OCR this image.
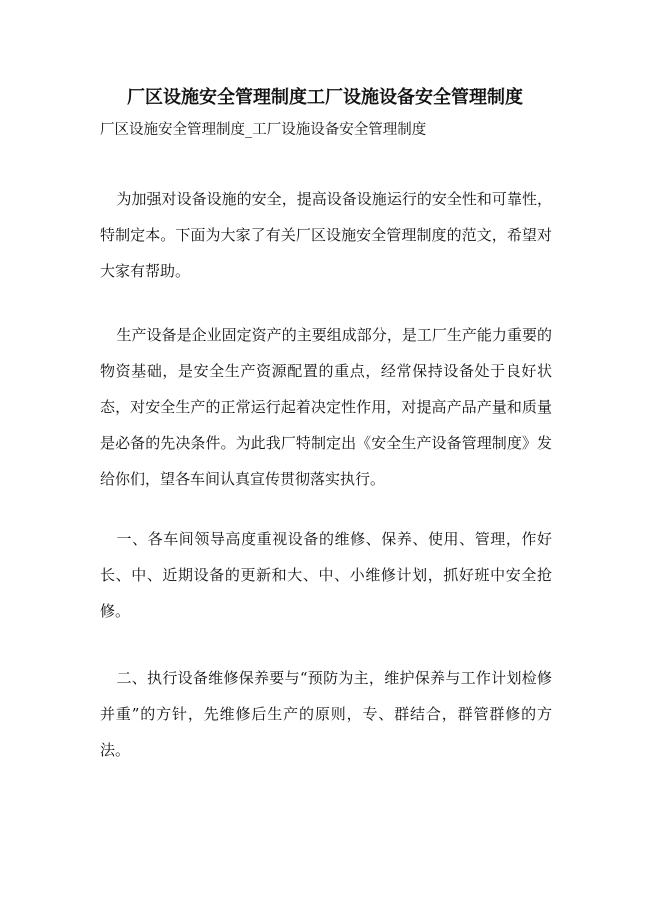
厂区设施安全管理制度工厂设施设备安全管理制度
厂区设施安全管理制度_工厂设施设备安全管理制度

为加强对设备设施的安全，提高设备设施运行的安全性和可靠性，特制定本。下面为大家了有关厂区设施安全管理制度的范文，希望对大家有帮助。

生产设备是企业固定资产的主要组成部分，是工厂生产能力重要的物资基础，是安全生产资源配置的重点，经常保持设备处于良好状态，对安全生产的正常运行起着决定性作用，对提高产品产量和质量是必备的先决条件。为此我厂特制定出《安全生产设备管理制度》发给你们，望各车间认真宣传贯彻落实执行。

一、各车间领导高度重视设备的维修、保养、使用、管理，作好长、中、近期设备的更新和大、中、小维修计划，抓好班中安全抢修。

二、执行设备维修保养要与“预防为主，维护保养与工作计划检修并重”的方针，先维修后生产的原则，专、群结合，群管群修的方法。
